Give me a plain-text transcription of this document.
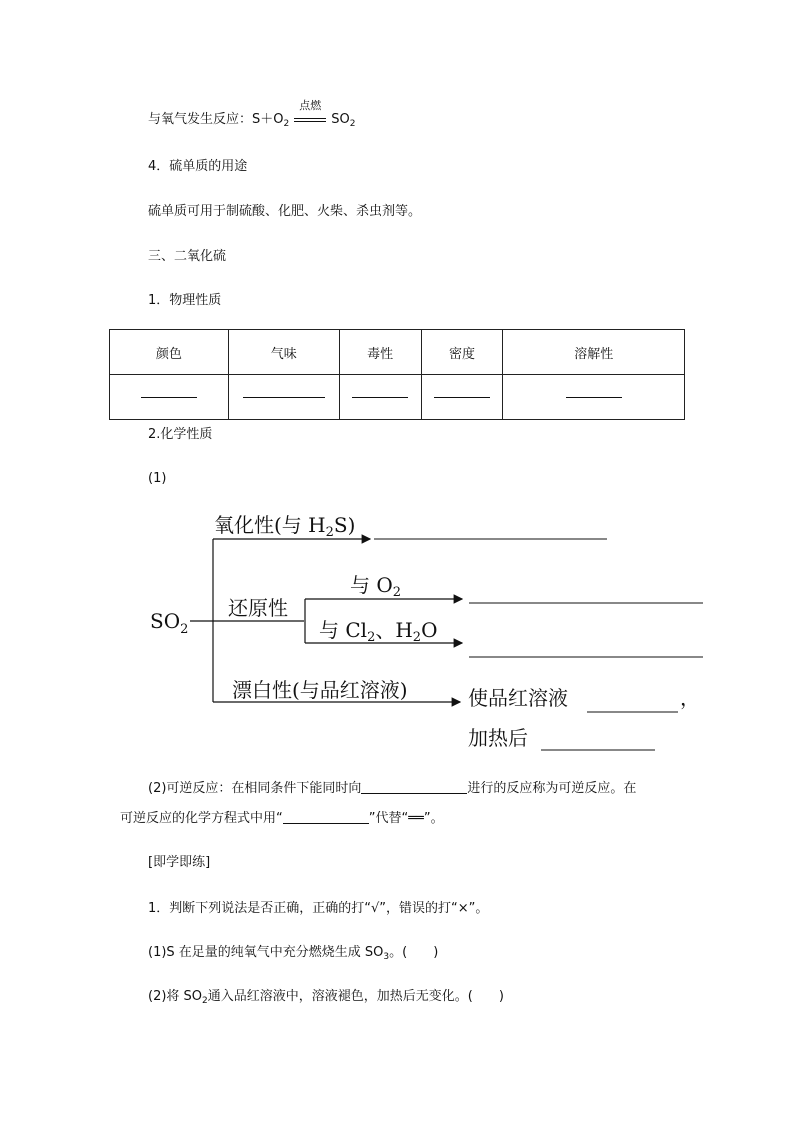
与氧气发生反应：$S+O_2$
点燃
$SO_2$
4．硫单质的用途
硫单质可用于制硫酸、化肥、火柴、杀虫剂等。
三、二氧化硫
1．物理性质
颜色	气味	毒性	密度	溶解性

2.化学性质
(1)
$SO_2$
氧化性(与 $H_2S$)
还原性
与 $O_2$
与 $Cl_2$、$H_2O$
漂白性(与品红溶液)	使品红溶液	，
加热后
(2)可逆反应：在相同条件下能同时向	进行的反应称为可逆反应。在
可逆反应的化学方程式中用“	”代替“══”。
[即学即练]
1．判断下列说法是否正确，正确的打“√”，错误的打“×”。
(1)S 在足量的纯氧气中充分燃烧生成 $SO_3$。(　　)
(2)将 $SO_2$通入品红溶液中，溶液褪色，加热后无变化。(　　)
